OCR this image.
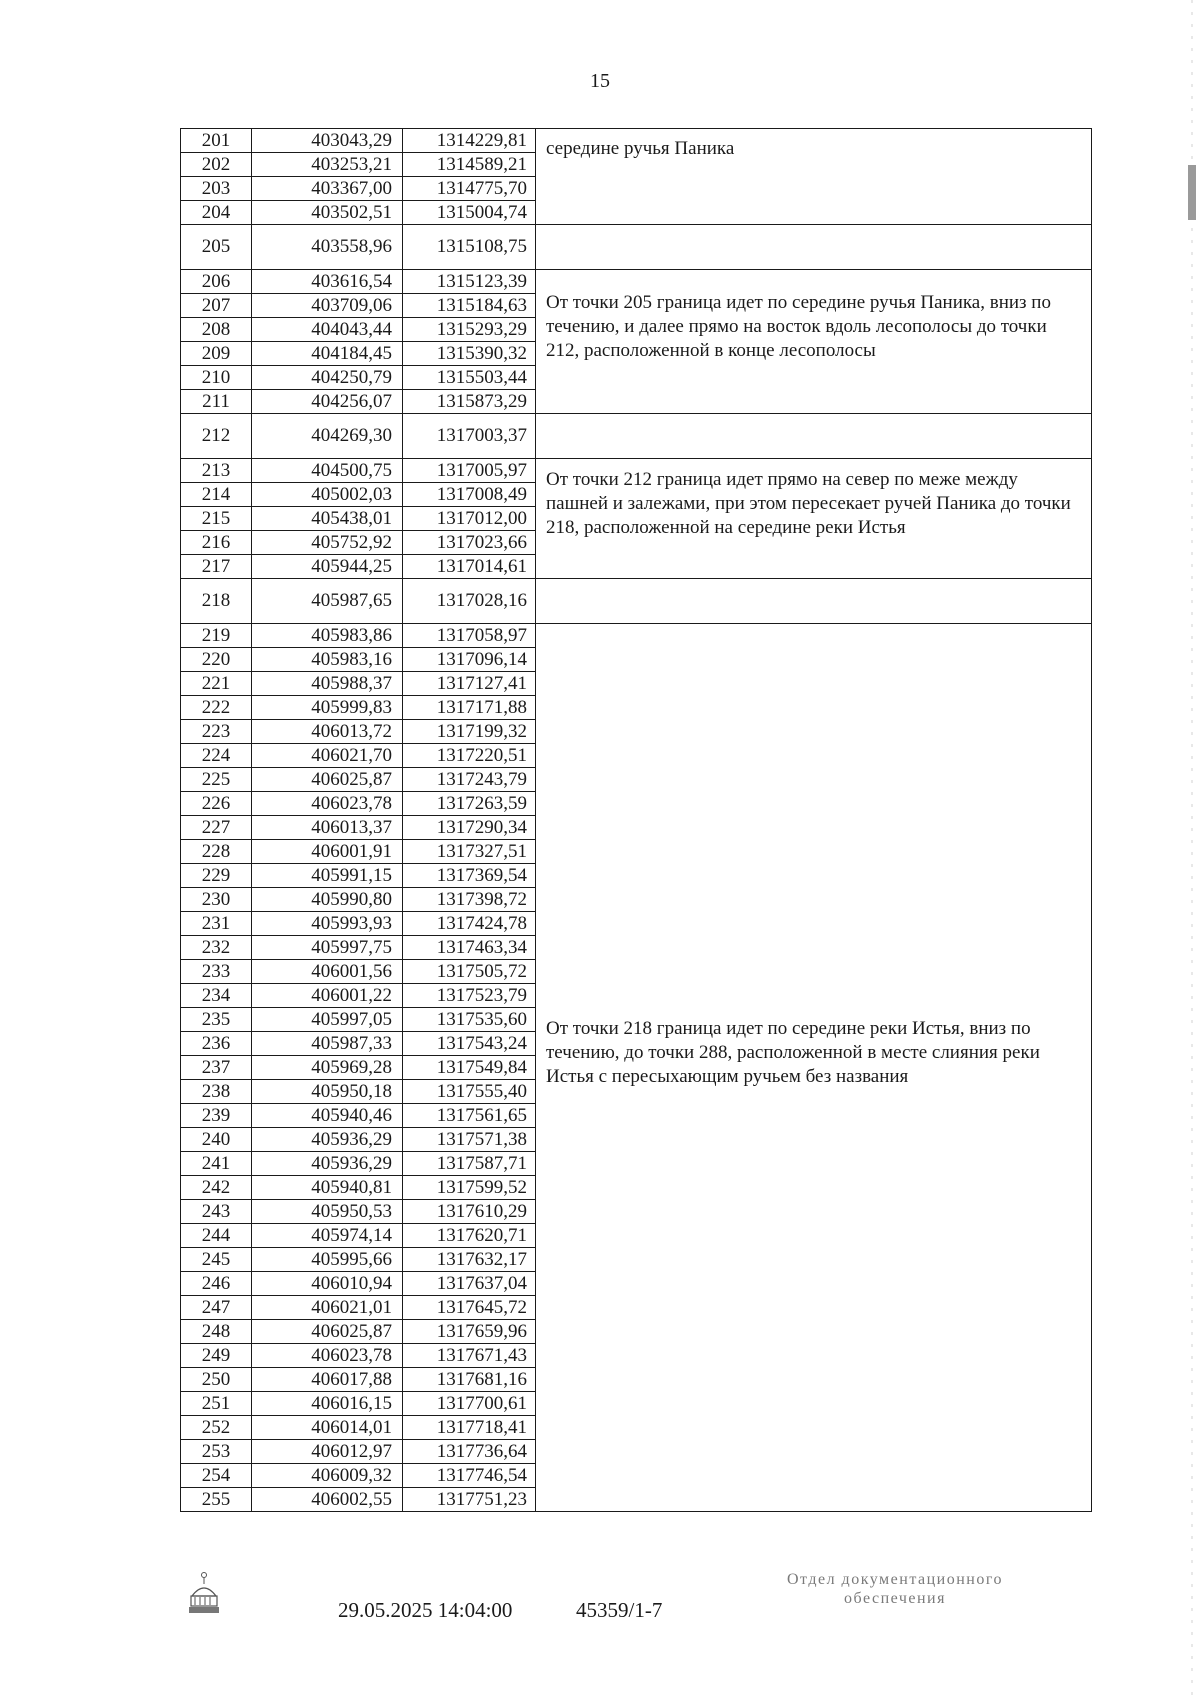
15
201	403043,29	1314229,81	середине ручья Паника
202	403253,21	1314589,21	
203	403367,00	1314775,70	
204	403502,51	1315004,74	
205	403558,96	1315108,75	
206	403616,54	1315123,39	От точки 205 граница идет по середине ручья Паника, вниз по течению, и далее прямо на восток вдоль лесополосы до точки 212, расположенной в конце лесополосы
207	403709,06	1315184,63	
208	404043,44	1315293,29	
209	404184,45	1315390,32	
210	404250,79	1315503,44	
211	404256,07	1315873,29	
212	404269,30	1317003,37	
213	404500,75	1317005,97	От точки 212 граница идет прямо на север по меже между пашней и залежами, при этом пересекает ручей Паника до точки 218, расположенной на середине реки Истья
214	405002,03	1317008,49	
215	405438,01	1317012,00	
216	405752,92	1317023,66	
217	405944,25	1317014,61	
218	405987,65	1317028,16	
219	405983,86	1317058,97	От точки 218 граница идет по середине реки Истья, вниз по течению, до точки 288, расположенной в месте слияния реки Истья с пересыхающим ручьем без названия
220	405983,16	1317096,14	
221	405988,37	1317127,41	
222	405999,83	1317171,88	
223	406013,72	1317199,32	
224	406021,70	1317220,51	
225	406025,87	1317243,79	
226	406023,78	1317263,59	
227	406013,37	1317290,34	
228	406001,91	1317327,51	
229	405991,15	1317369,54	
230	405990,80	1317398,72	
231	405993,93	1317424,78	
232	405997,75	1317463,34	
233	406001,56	1317505,72	
234	406001,22	1317523,79	
235	405997,05	1317535,60	
236	405987,33	1317543,24	
237	405969,28	1317549,84	
238	405950,18	1317555,40	
239	405940,46	1317561,65	
240	405936,29	1317571,38	
241	405936,29	1317587,71	
242	405940,81	1317599,52	
243	405950,53	1317610,29	
244	405974,14	1317620,71	
245	405995,66	1317632,17	
246	406010,94	1317637,04	
247	406021,01	1317645,72	
248	406025,87	1317659,96	
249	406023,78	1317671,43	
250	406017,88	1317681,16	
251	406016,15	1317700,61	
252	406014,01	1317718,41	
253	406012,97	1317736,64	
254	406009,32	1317746,54	
255	406002,55	1317751,23	
29.05.2025 14:04:00	45359/1-7
Отдел документационного
обеспечения
